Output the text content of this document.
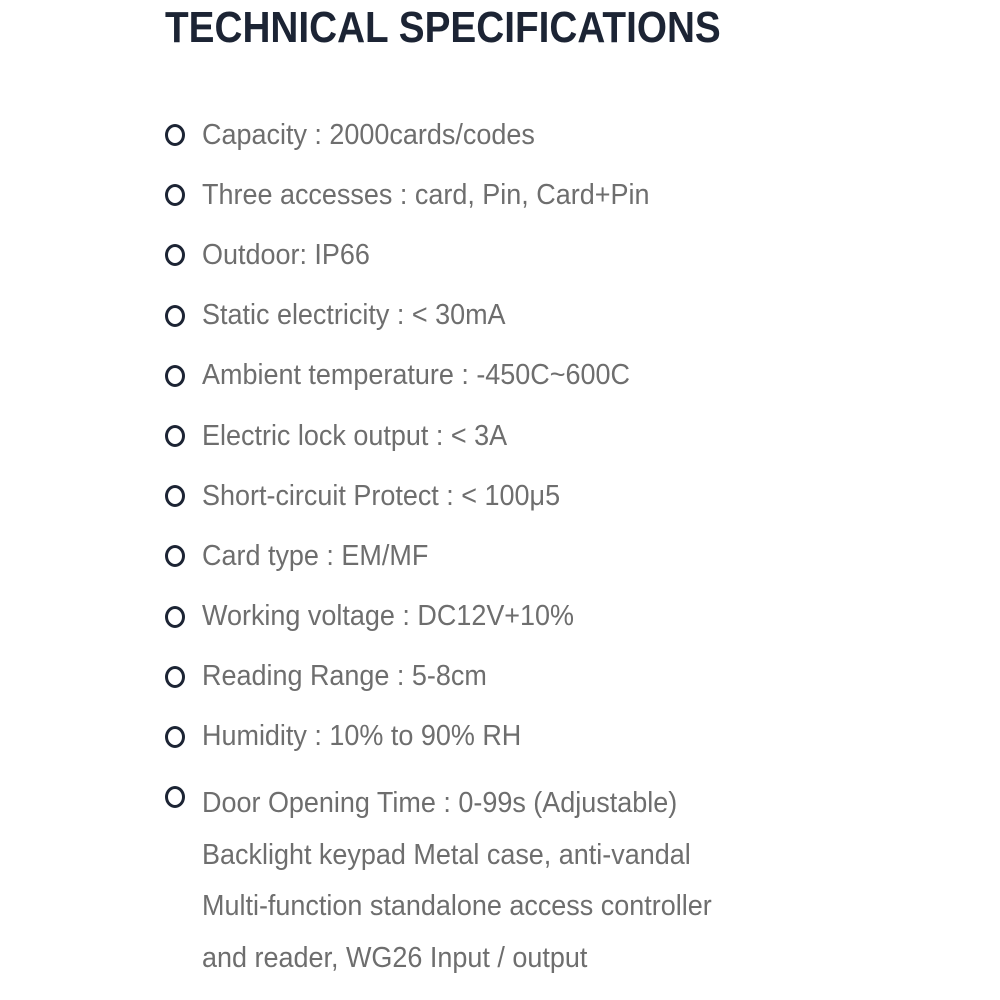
TECHNICAL SPECIFICATIONS
Capacity : 2000cards/codes
Three accesses : card, Pin, Card+Pin
Outdoor: IP66
Static electricity : < 30mA
Ambient temperature : -450C~600C
Electric lock output : < 3A
Short-circuit Protect : < 100μ5
Card type : EM/MF
Working voltage : DC12V+10%
Reading Range : 5-8cm
Humidity : 10% to 90% RH
Door Opening Time : 0-99s (Adjustable)
Backlight keypad Metal case, anti-vandal
Multi-function standalone access controller
and reader, WG26 Input / output
